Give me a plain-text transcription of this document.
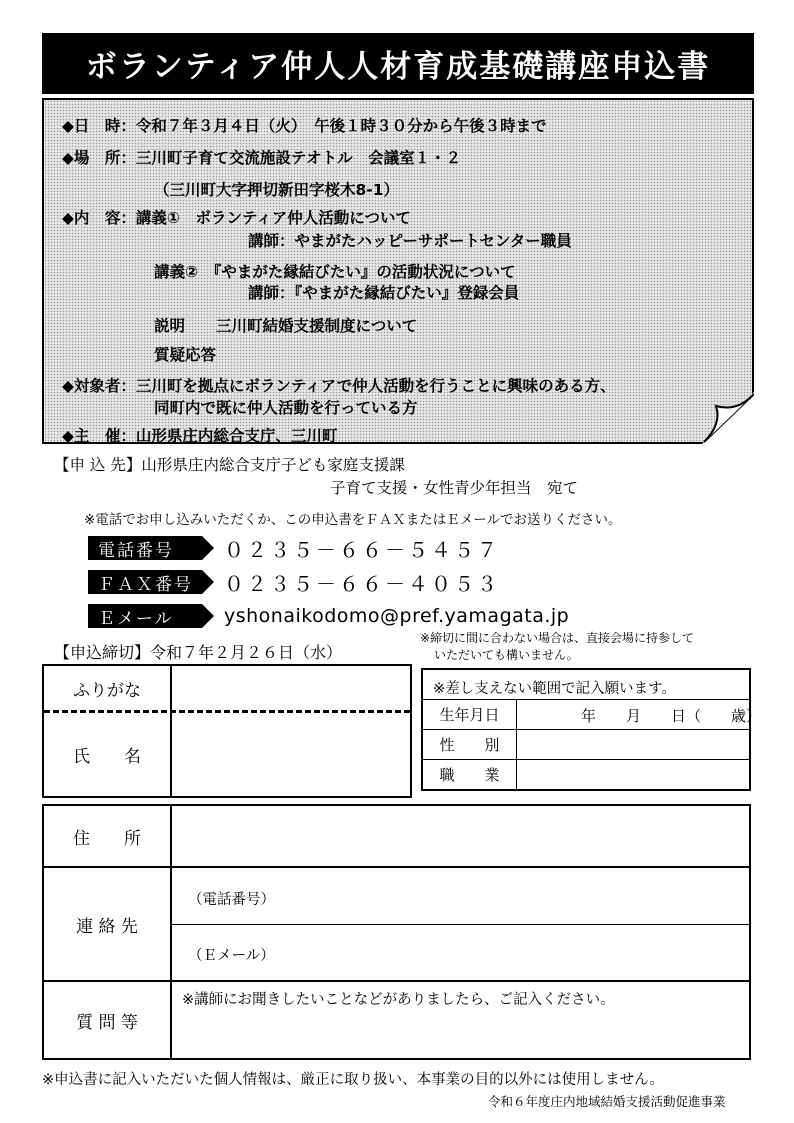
ボランティア仲人人材育成基礎講座申込書
◆日　時：令和７年３月４日（火）　午後１時３０分から午後３時まで
◆場　所：三川町子育て交流施設テオトル　会議室１・２
（三川町大字押切新田字桜木8-1）
◆内　容：講義①　ボランティア仲人活動について
講師：やまがたハッピーサポートセンター職員
講義②　『やまがた縁結びたい』の活動状況について
講師：『やまがた縁結びたい』登録会員
説明　　三川町結婚支援制度について
質疑応答
◆対象者：三川町を拠点にボランティアで仲人活動を行うことに興味のある方、
同町内で既に仲人活動を行っている方
◆主　催：山形県庄内総合支庁、三川町
【申 込 先】山形県庄内総合支庁子ども家庭支援課
子育て支援・女性青少年担当　宛て
※電話でお申し込みいただくか、この申込書をＦＡＸまたはＥメールでお送りください。
電話番号	０２３５－６６－５４５７
ＦＡＸ番号	０２３５－６６－４０５３
Ｅメール	yshonaikodomo@pref.yamagata.jp
【申込締切】令和７年２月２６日（水）
※締切に間に合わない場合は、直接会場に持参して
いただいても構いません。
ふりがな
氏　　名
※差し支えない範囲で記入願います。
生年月日	年　　月　　日（　　歳）
性　　別
職　　業
住　　所
連 絡 先
（電話番号）
（Ｅメール）
質 問 等
※講師にお聞きしたいことなどがありましたら、ご記入ください。
※申込書に記入いただいた個人情報は、厳正に取り扱い、本事業の目的以外には使用しません。
令和６年度庄内地域結婚支援活動促進事業
